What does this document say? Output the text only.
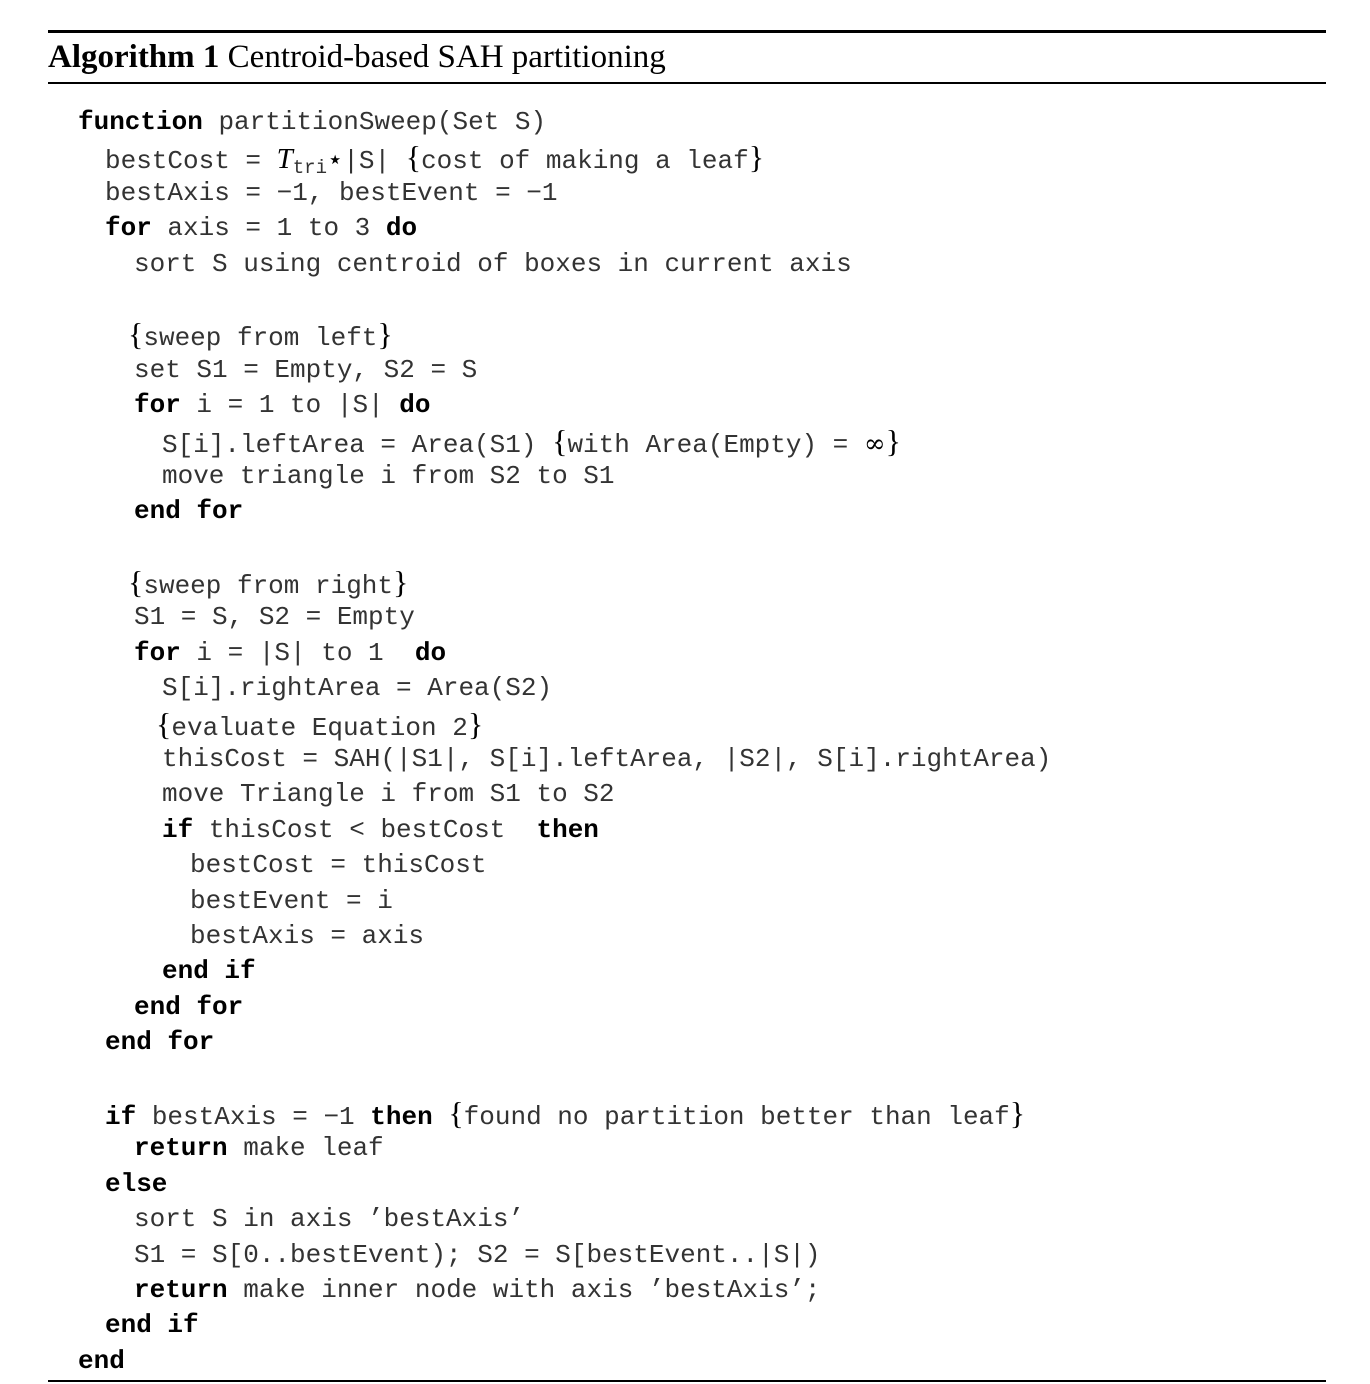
Algorithm 1 Centroid-based SAH partitioning
function partitionSweep(Set S)
bestCost = $T_{tri}⋆|S|$ {cost of making a leaf}
bestAxis = −1, bestEvent = −1
for axis = 1 to 3 do
sort S using centroid of boxes in current axis
{sweep from left}
set S1 = Empty, S2 = S
for i = 1 to |S| do
S[i].leftArea = Area(S1) {with Area(Empty) = ∞}
move triangle i from S2 to S1
end for
{sweep from right}
S1 = S, S2 = Empty
for i = |S| to 1 do
S[i].rightArea = Area(S2)
{evaluate Equation 2}
thisCost = SAH(|S1|, S[i].leftArea, |S2|, S[i].rightArea)
move Triangle i from S1 to S2
if thisCost < bestCost then
bestCost = thisCost
bestEvent = i
bestAxis = axis
end if
end for
end for
if bestAxis = −1 then {found no partition better than leaf}
return make leaf
else
sort S in axis ’bestAxis’
S1 = S[0..bestEvent); S2 = S[bestEvent..|S|)
return make inner node with axis ’bestAxis’;
end if
end
